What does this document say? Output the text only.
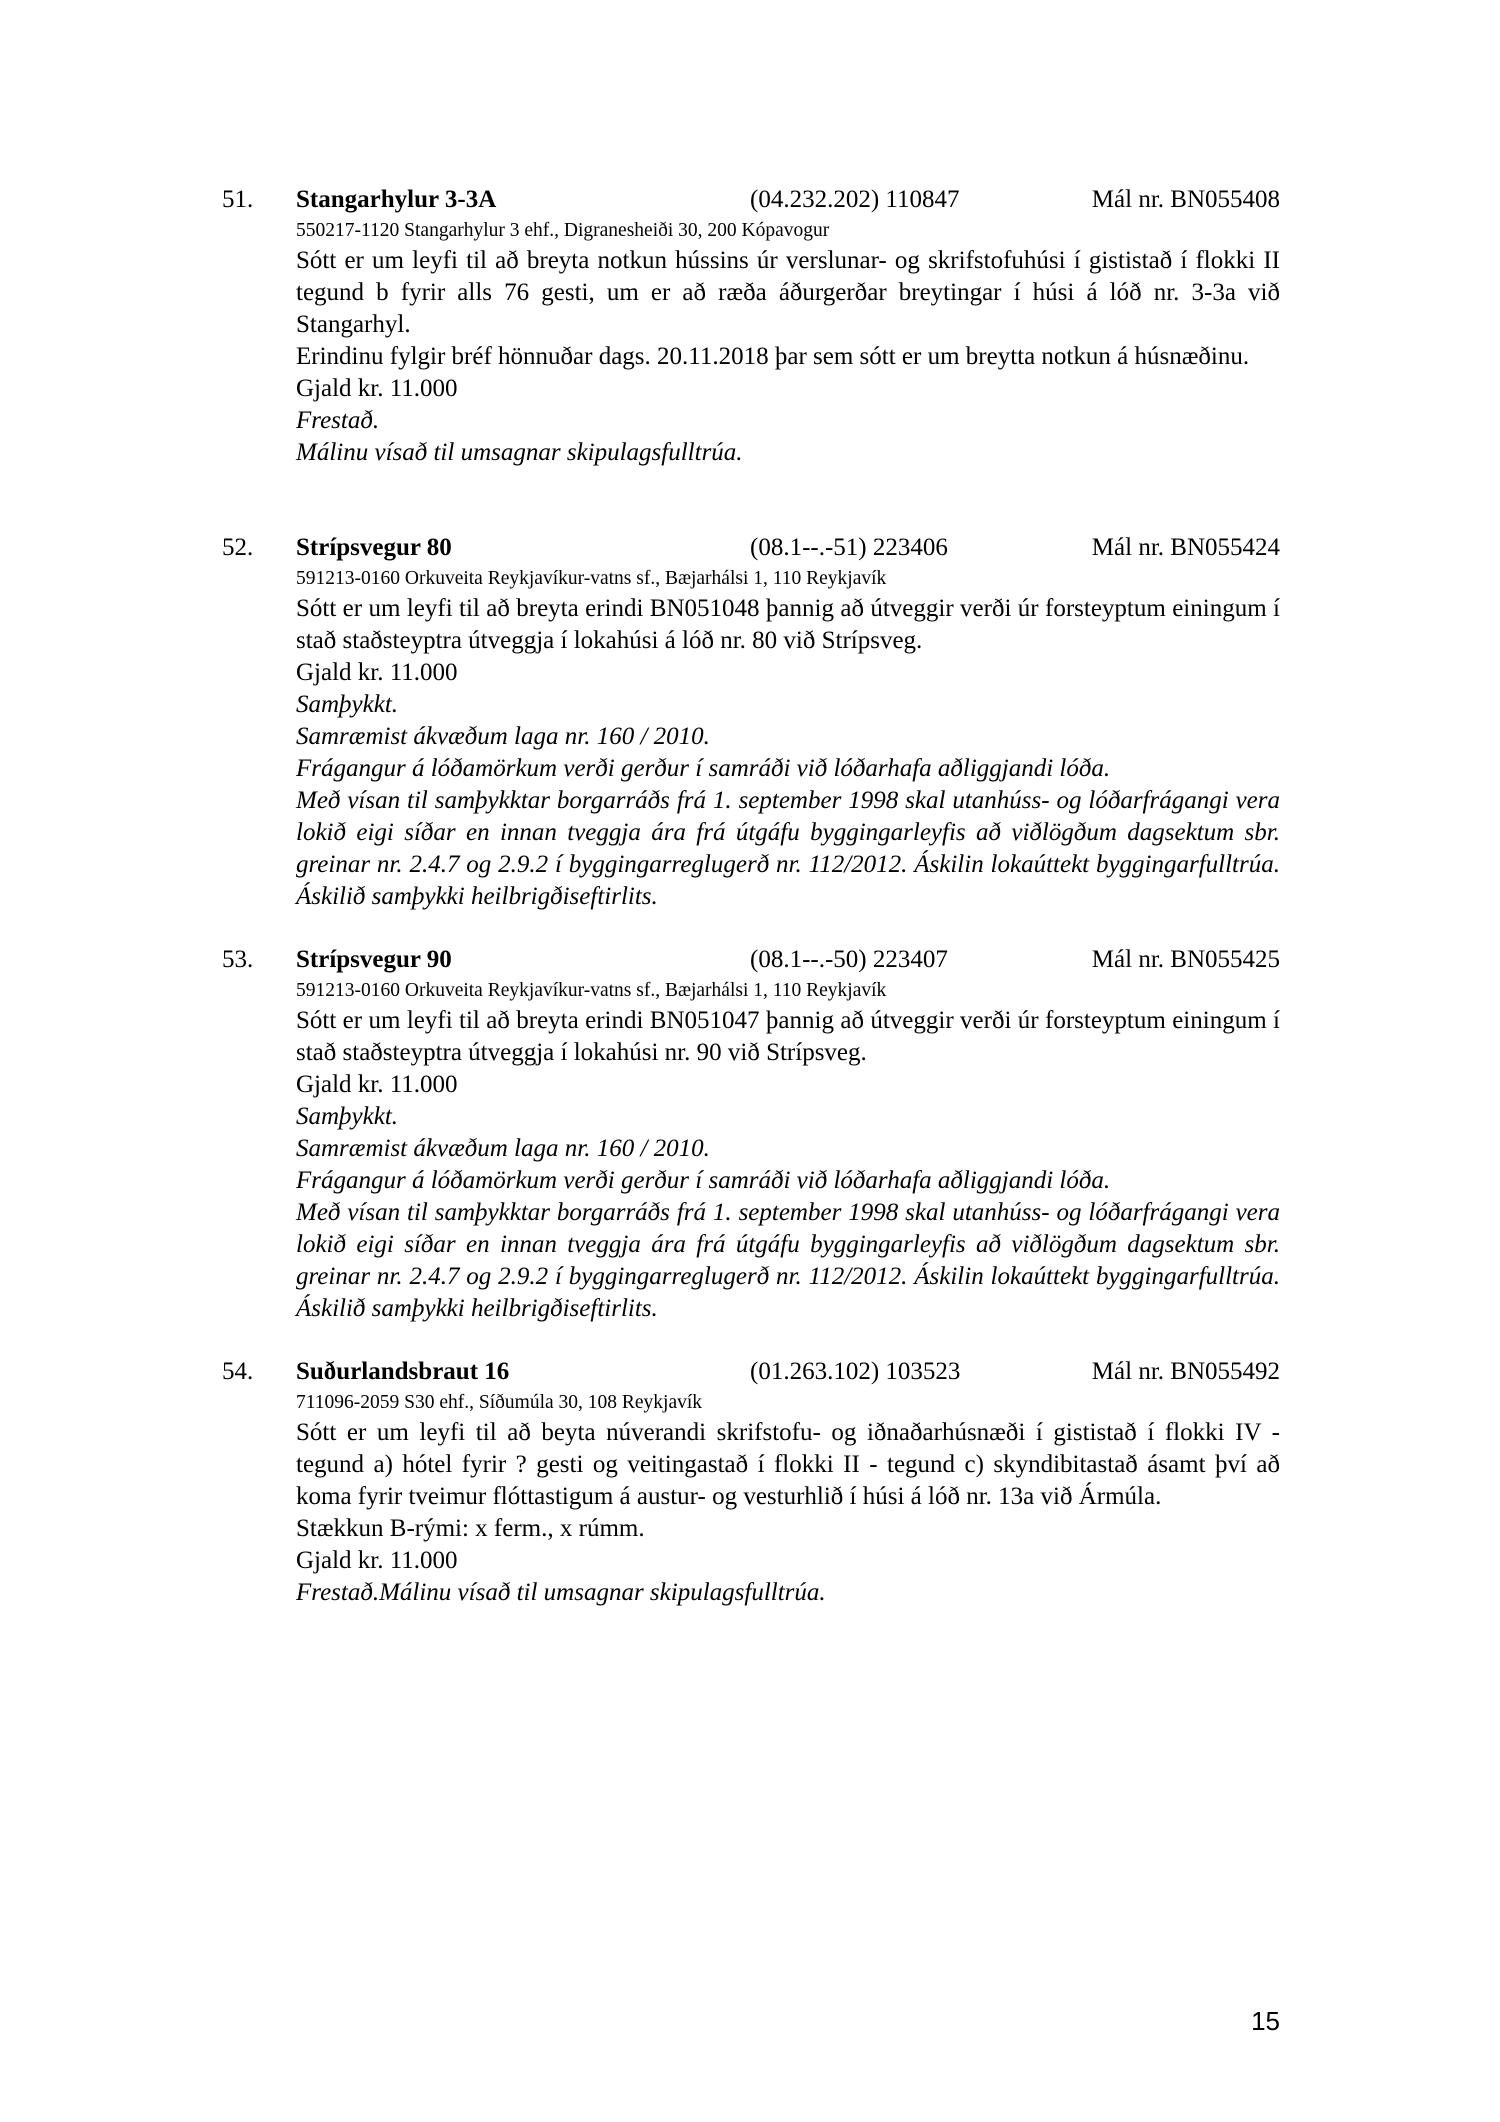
51. Stangarhylur 3-3A	(04.232.202) 110847	Mál nr. BN055408
550217-1120 Stangarhylur 3 ehf., Digranesheiði 30, 200 Kópavogur
Sótt er um leyfi til að breyta notkun hússins úr verslunar- og skrifstofuhúsi í gististað í flokki II tegund b fyrir alls 76 gesti, um er að ræða áðurgerðar breytingar í húsi á lóð nr. 3-3a við Stangarhyl.
Erindinu fylgir bréf hönnuðar dags. 20.11.2018 þar sem sótt er um breytta notkun á húsnæðinu.
Gjald kr. 11.000
Frestað.
Málinu vísað til umsagnar skipulagsfulltrúa.
52. Strípsvegur 80	(08.1--.-51) 223406	Mál nr. BN055424
591213-0160 Orkuveita Reykjavíkur-vatns sf., Bæjarhálsi 1, 110 Reykjavík
Sótt er um leyfi til að breyta erindi BN051048 þannig að útveggir verði úr forsteyptum einingum í stað staðsteyptra útveggja í lokahúsi á lóð nr. 80 við Strípsveg.
Gjald kr. 11.000
Samþykkt.
Samræmist ákvæðum laga nr. 160 / 2010.
Frágangur á lóðamörkum verði gerður í samráði við lóðarhafa aðliggjandi lóða.
Með vísan til samþykktar borgarráðs frá 1. september 1998 skal utanhúss- og lóðarfrágangi vera lokið eigi síðar en innan tveggja ára frá útgáfu byggingarleyfis að viðlögðum dagsektum sbr. greinar nr. 2.4.7 og 2.9.2 í byggingarreglugerð nr. 112/2012. Áskilin lokaúttekt byggingarfulltrúa. Áskilið samþykki heilbrigðiseftirlits.
53. Strípsvegur 90	(08.1--.-50) 223407	Mál nr. BN055425
591213-0160 Orkuveita Reykjavíkur-vatns sf., Bæjarhálsi 1, 110 Reykjavík
Sótt er um leyfi til að breyta erindi BN051047 þannig að útveggir verði úr forsteyptum einingum í stað staðsteyptra útveggja í lokahúsi nr. 90 við Strípsveg.
Gjald kr. 11.000
Samþykkt.
Samræmist ákvæðum laga nr. 160 / 2010.
Frágangur á lóðamörkum verði gerður í samráði við lóðarhafa aðliggjandi lóða.
Með vísan til samþykktar borgarráðs frá 1. september 1998 skal utanhúss- og lóðarfrágangi vera lokið eigi síðar en innan tveggja ára frá útgáfu byggingarleyfis að viðlögðum dagsektum sbr. greinar nr. 2.4.7 og 2.9.2 í byggingarreglugerð nr. 112/2012. Áskilin lokaúttekt byggingarfulltrúa. Áskilið samþykki heilbrigðiseftirlits.
54. Suðurlandsbraut 16	(01.263.102) 103523	Mál nr. BN055492
711096-2059 S30 ehf., Síðumúla 30, 108 Reykjavík
Sótt er um leyfi til að beyta núverandi skrifstofu- og iðnaðarhúsnæði í gististað í flokki IV - tegund a) hótel fyrir ? gesti og veitingastað í flokki II - tegund c) skyndibitastað ásamt því að koma fyrir tveimur flóttastigum á austur- og vesturhlið í húsi á lóð nr. 13a við Ármúla.
Stækkun B-rými: x ferm., x rúmm.
Gjald kr. 11.000
Frestað.Málinu vísað til umsagnar skipulagsfulltrúa.
15
